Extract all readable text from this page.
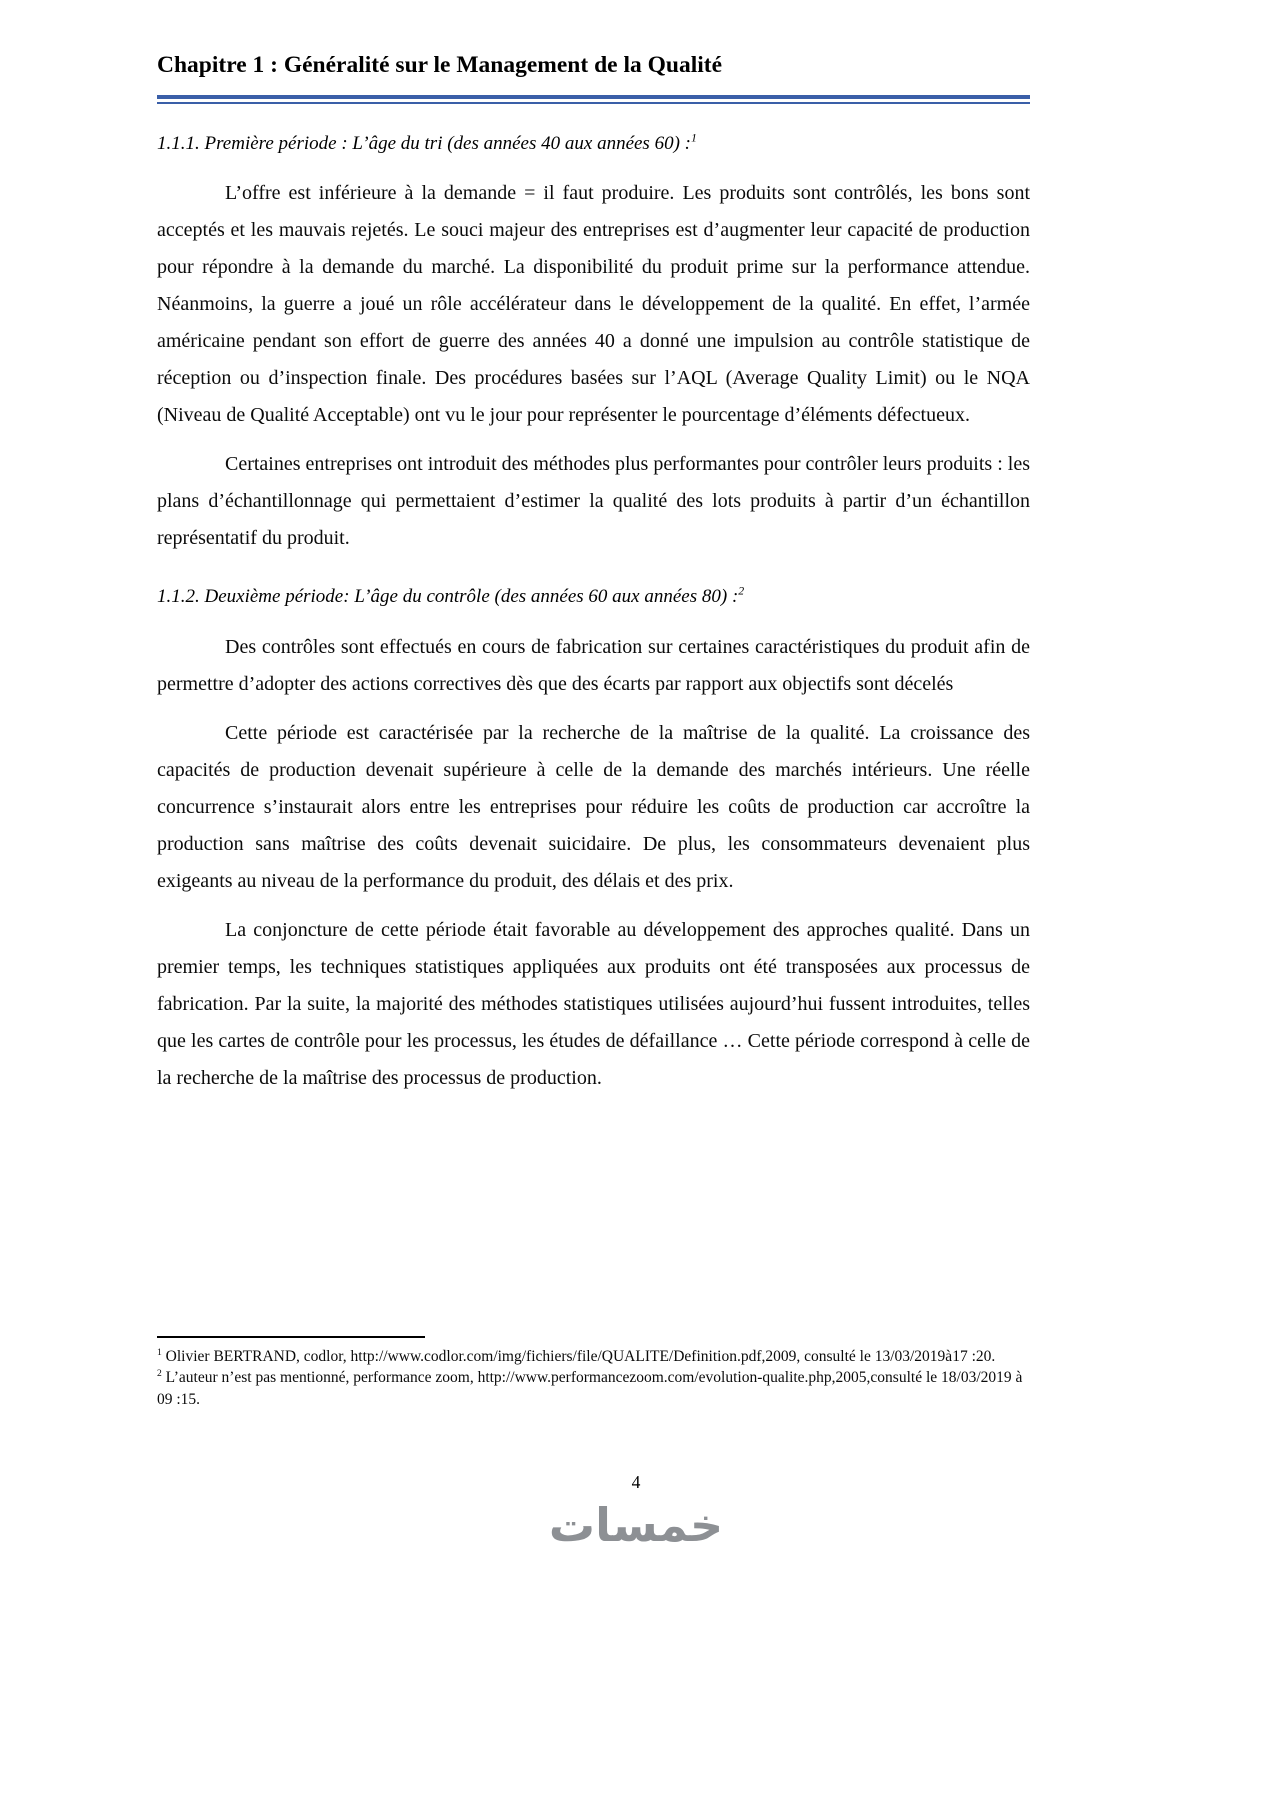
Chapitre 1 : Généralité sur le Management de la Qualité
1.1.1. Première période : L’âge du tri (des années 40 aux années 60) :$^1$

L’offre est inférieure à la demande = il faut produire. Les produits sont contrôlés, les bons sont acceptés et les mauvais rejetés. Le souci majeur des entreprises est d’augmenter leur capacité de production pour répondre à la demande du marché. La disponibilité du produit prime sur la performance attendue. Néanmoins, la guerre a joué un rôle accélérateur dans le développement de la qualité. En effet, l’armée américaine pendant son effort de guerre des années 40 a donné une impulsion au contrôle statistique de réception ou d’inspection finale. Des procédures basées sur l’AQL (Average Quality Limit) ou le NQA (Niveau de Qualité Acceptable) ont vu le jour pour représenter le pourcentage d’éléments défectueux.

Certaines entreprises ont introduit des méthodes plus performantes pour contrôler leurs produits : les plans d’échantillonnage qui permettaient d’estimer la qualité des lots produits à partir d’un échantillon représentatif du produit.

1.1.2. Deuxième période: L’âge du contrôle (des années 60 aux années 80) :$^2$

Des contrôles sont effectués en cours de fabrication sur certaines caractéristiques du produit afin de permettre d’adopter des actions correctives dès que des écarts par rapport aux objectifs sont décelés

Cette période est caractérisée par la recherche de la maîtrise de la qualité. La croissance des capacités de production devenait supérieure à celle de la demande des marchés intérieurs. Une réelle concurrence s’instaurait alors entre les entreprises pour réduire les coûts de production car accroître la production sans maîtrise des coûts devenait suicidaire. De plus, les consommateurs devenaient plus exigeants au niveau de la performance du produit, des délais et des prix.

La conjoncture de cette période était favorable au développement des approches qualité. Dans un premier temps, les techniques statistiques appliquées aux produits ont été transposées aux processus de fabrication. Par la suite, la majorité des méthodes statistiques utilisées aujourd’hui fussent introduites, telles que les cartes de contrôle pour les processus, les études de défaillance … Cette période correspond à celle de la recherche de la maîtrise des processus de production.

$^1$ Olivier BERTRAND, codlor, http://www.codlor.com/img/fichiers/file/QUALITE/Definition.pdf,2009, consulté le 13/03/2019à17 :20.
$^2$ L’auteur n’est pas mentionné, performance zoom, http://www.performancezoom.com/evolution-qualite.php,2005,consulté le 18/03/2019 à 09 :15.
4
خمسات
